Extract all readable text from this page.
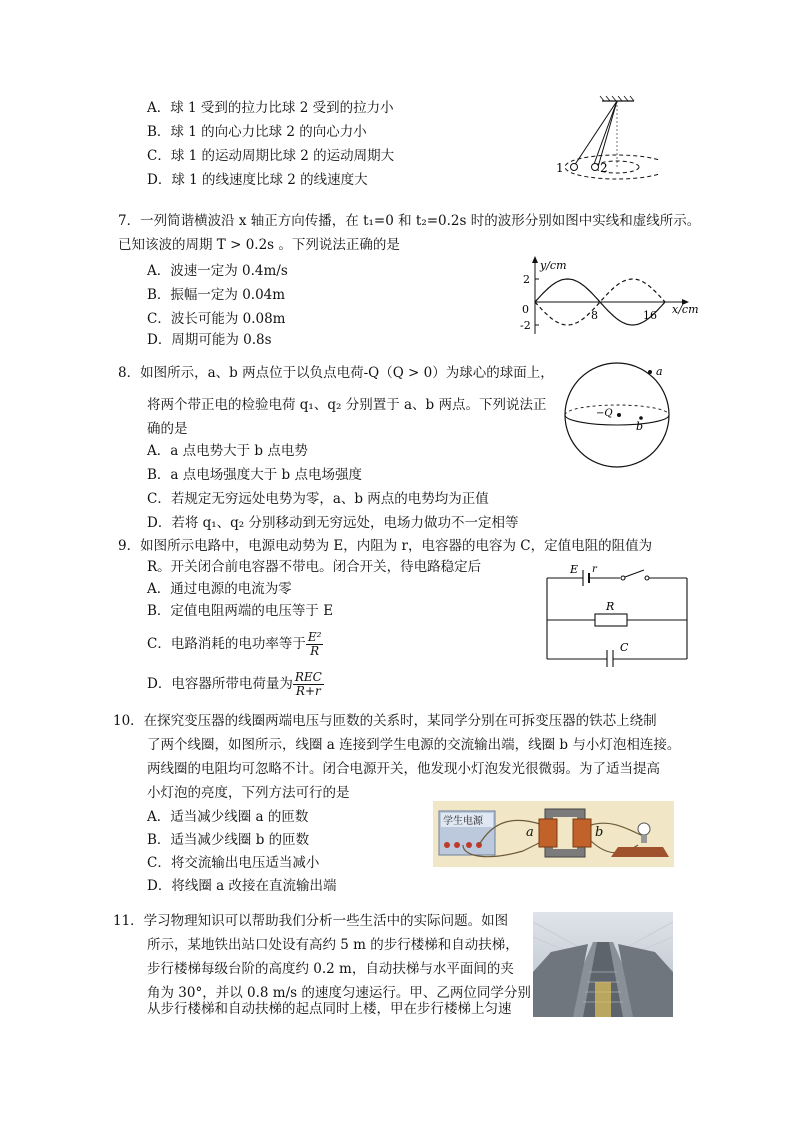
A．球 1 受到的拉力比球 2 受到的拉力小
B．球 1 的向心力比球 2 的向心力小
C．球 1 的运动周期比球 2 的运动周期大
D．球 1 的线速度比球 2 的线速度大
1	2
7．一列简谐横波沿 x 轴正方向传播，在 t₁=0 和 t₂=0.2s 时的波形分别如图中实线和虚线所示。
已知该波的周期 T > 0.2s 。下列说法正确的是
A．波速一定为 0.4m/s
B．振幅一定为 0.04m
C．波长可能为 0.08m
D．周期可能为 0.8s
y/cm
x/cm
0
2
-2
8	16
8．如图所示，a、b 两点位于以负点电荷-Q（Q > 0）为球心的球面上，
将两个带正电的检验电荷 q₁、q₂ 分别置于 a、b 两点。下列说法正
确的是
A．a 点电势大于 b 点电势
B．a 点电场强度大于 b 点电场强度
C．若规定无穷远处电势为零，a、b 两点的电势均为正值
D．若将 q₁、q₂ 分别移动到无穷远处，电场力做功不一定相等
a
b
−Q
9．如图所示电路中，电源电动势为 E，内阻为 r，电容器的电容为 C，定值电阻的阻值为
R。开关闭合前电容器不带电。闭合开关，待电路稳定后
A．通过电源的电流为零
B．定值电阻两端的电压等于 E
C．电路消耗的电功率等于 $\frac{\text{E²}}{R}$
D．电容器所带电荷量为 $\frac{\text{REC}}{R+r}$
E r
R
C
10．在探究变压器的线圈两端电压与匝数的关系时，某同学分别在可拆变压器的铁芯上绕制
了两个线圈，如图所示，线圈 a 连接到学生电源的交流输出端，线圈 b 与小灯泡相连接。
两线圈的电阻均可忽略不计。闭合电源开关，他发现小灯泡发光很微弱。为了适当提高
小灯泡的亮度，下列方法可行的是
A．适当减少线圈 a 的匝数
B．适当减少线圈 b 的匝数
C．将交流输出电压适当减小
D．将线圈 a 改接在直流输出端
学生电源
a	b
11．学习物理知识可以帮助我们分析一些生活中的实际问题。如图
所示，某地铁出站口处设有高约 5 m 的步行楼梯和自动扶梯，
步行楼梯每级台阶的高度约 0.2 m，自动扶梯与水平面间的夹
角为 30°，并以 0.8 m/s 的速度匀速运行。甲、乙两位同学分别
从步行楼梯和自动扶梯的起点同时上楼，甲在步行楼梯上匀速
